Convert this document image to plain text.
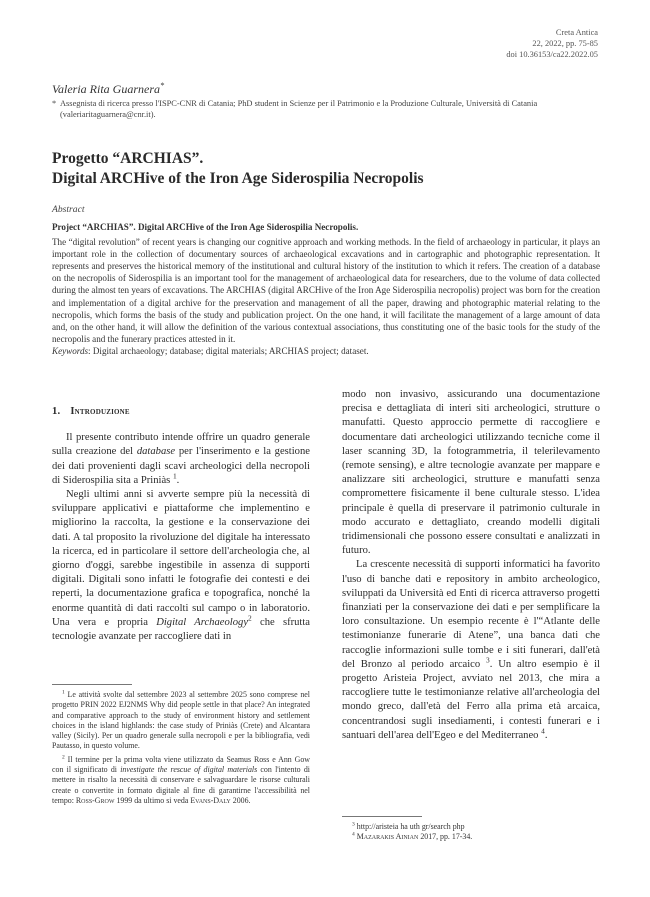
Creta Antica
22, 2022, pp. 75-85
doi 10.36153/ca22.2022.05
Valeria Rita Guarnera*
* Assegnista di ricerca presso l'ISPC-CNR di Catania; PhD student in Scienze per il Patrimonio e la Produzione Culturale, Università di Catania (valeriaritaguarnera@cnr.it).
Progetto “ARCHIAS”.
Digital ARCHive of the Iron Age Siderospilia Necropolis
Abstract
Project “ARCHIAS”. Digital ARCHive of the Iron Age Siderospilia Necropolis.

The “digital revolution” of recent years is changing our cognitive approach and working methods. In the field of archaeology in particular, it plays an important role in the collection of documentary sources of archaeological excavations and in cartographic and photographic representation. It represents and preserves the historical memory of the institutional and cultural history of the institution to which it refers. The creation of a database on the necropolis of Siderospilia is an important tool for the management of archaeological data for researchers, due to the volume of data collected during the almost ten years of excavations. The ARCHIAS (digital ARCHive of the Iron Age Siderospilia necropolis) project was born for the creation and implementation of a digital archive for the preservation and management of all the paper, drawing and photographic material relating to the necropolis, which forms the basis of the study and publication project. On the one hand, it will facilitate the management of a large amount of data and, on the other hand, it will allow the definition of the various contextual associations, thus constituting one of the basic tools for the study of the necropolis and the funerary practices attested in it.

Keywords: Digital archaeology; database; digital materials; ARCHIAS project; dataset.

1. Introduzione

Il presente contributo intende offrire un quadro generale sulla creazione del database per l'inserimento e la gestione dei dati provenienti dagli scavi archeologici della necropoli di Siderospilia sita a Priniàs $^1$.

Negli ultimi anni si avverte sempre più la necessità di sviluppare applicativi e piattaforme che implementino e migliorino la raccolta, la gestione e la conservazione dei dati. A tal proposito la rivoluzione del digitale ha interessato la ricerca, ed in particolare il settore dell'archeologia che, al giorno d'oggi, sarebbe ingestibile in assenza di supporti digitali. Digitali sono infatti le fotografie dei contesti e dei reperti, la documentazione grafica e topografica, nonché la enorme quantità di dati raccolti sul campo o in laboratorio. Una vera e propria Digital Archaeology$^2$ che sfrutta tecnologie avanzate per raccogliere dati in

$^1$ Le attività svolte dal settembre 2023 al settembre 2025 sono comprese nel progetto PRIN 2022 EJ2NMS Why did people settle in that place? An integrated and comparative approach to the study of environment history and settlement choices in the island highlands: the case study of Priniàs (Crete) and Alcantara valley (Sicily). Per un quadro generale sulla necropoli e per la bibliografia, vedi Pautasso, in questo volume.

$^2$ Il termine per la prima volta viene utilizzato da Seamus Ross e Ann Gow con il significato di investigate the rescue of digital materials con l'intento di mettere in risalto la necessità di conservare e salvaguardare le risorse culturali create o convertite in formato digitale al fine di garantirne l'accessibilità nel tempo: Ross-Grow 1999 da ultimo si veda Evans-Daly 2006.

modo non invasivo, assicurando una documentazione precisa e dettagliata di interi siti archeologici, strutture o manufatti. Questo approccio permette di raccogliere e documentare dati archeologici utilizzando tecniche come il laser scanning 3D, la fotogrammetria, il telerilevamento (remote sensing), e altre tecnologie avanzate per mappare e analizzare siti archeologici, strutture e manufatti senza compromettere fisicamente il bene culturale stesso. L'idea principale è quella di preservare il patrimonio culturale in modo accurato e dettagliato, creando modelli digitali tridimensionali che possono essere consultati e analizzati in futuro.

La crescente necessità di supporti informatici ha favorito l'uso di banche dati e repository in ambito archeologico, sviluppati da Università ed Enti di ricerca attraverso progetti finanziati per la conservazione dei dati e per semplificare la loro consultazione. Un esempio recente è l'“Atlante delle testimonianze funerarie di Atene”, una banca dati che raccoglie informazioni sulle tombe e i siti funerari, dall'età del Bronzo al periodo arcaico $^3$. Un altro esempio è il progetto Aristeia Project, avviato nel 2013, che mira a raccogliere tutte le testimonianze relative all'archeologia del mondo greco, dall'età del Ferro alla prima età arcaica, concentrandosi sugli insediamenti, i contesti funerari e i santuari dell'area dell'Egeo e del Mediterraneo $^4$.

$^3$ http://aristeia ha uth gr/search php

$^4$ Mazarakis Ainian 2017, pp. 17-34.
